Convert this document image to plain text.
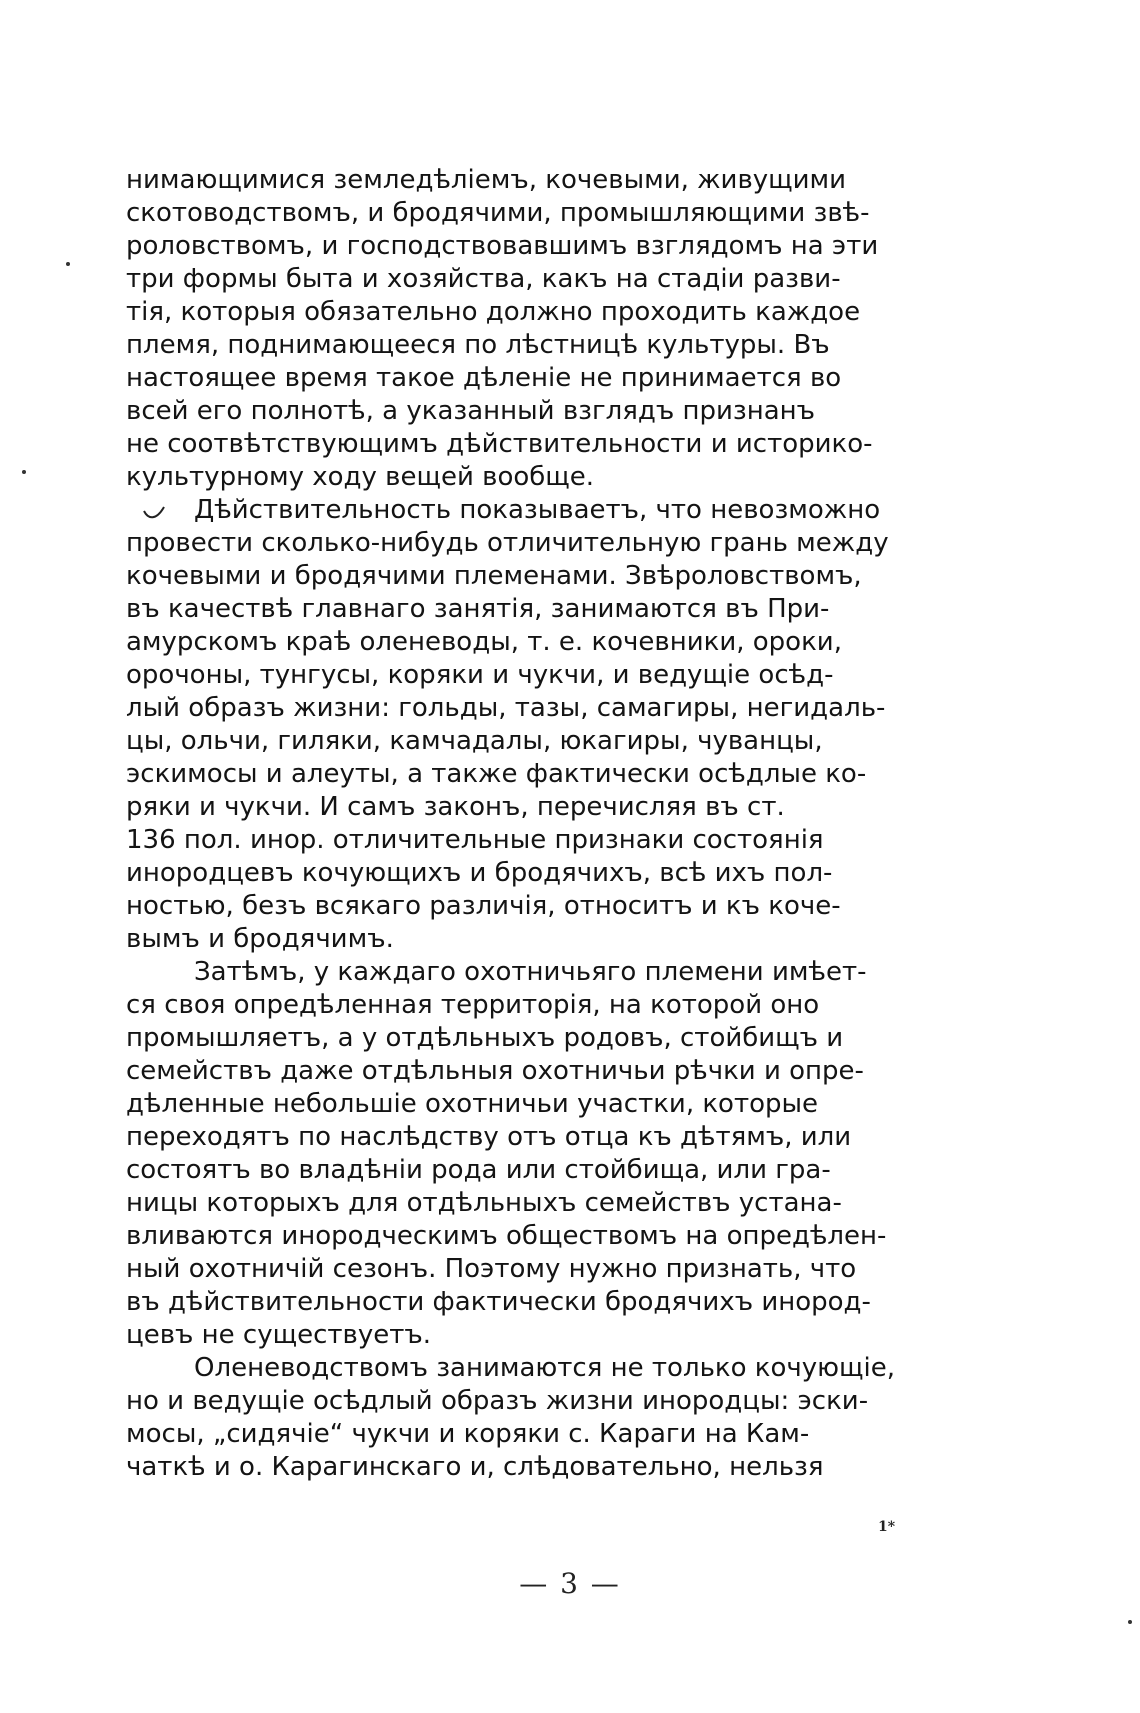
нимающимися земледѣліемъ, кочевыми, живущими
скотоводствомъ, и бродячими, промышляющими звѣ-
роловствомъ, и господствовавшимъ взглядомъ на эти
три формы быта и хозяйства, какъ на стадіи разви-
тія, которыя обязательно должно проходить каждое
племя, поднимающееся по лѣстницѣ культуры. Въ
настоящее время такое дѣленіе не принимается во
всей его полнотѣ, а указанный взглядъ признанъ
не соотвѣтствующимъ дѣйствительности и историко-
культурному ходу вещей вообще.

Дѣйствительность показываетъ, что невозможно
провести сколько-нибудь отличительную грань между
кочевыми и бродячими племенами. Звѣроловствомъ,
въ качествѣ главнаго занятія, занимаются въ При-
амурскомъ краѣ оленеводы, т. е. кочевники, ороки,
орочоны, тунгусы, коряки и чукчи, и ведущіе осѣд-
лый образъ жизни: гольды, тазы, самагиры, негидаль-
цы, ольчи, гиляки, камчадалы, юкагиры, чуванцы,
эскимосы и алеуты, а также фактически осѣдлые ко-
ряки и чукчи. И самъ законъ, перечисляя въ ст.
136 пол. инор. отличительные признаки состоянія
инородцевъ кочующихъ и бродячихъ, всѣ ихъ пол-
ностью, безъ всякаго различія, относитъ и къ коче-
вымъ и бродячимъ.

Затѣмъ, у каждаго охотничьяго племени имѣет-
ся своя опредѣленная территорія, на которой оно
промышляетъ, а у отдѣльныхъ родовъ, стойбищъ и
семействъ даже отдѣльныя охотничьи рѣчки и опре-
дѣленные небольшіе охотничьи участки, которые
переходятъ по наслѣдству отъ отца къ дѣтямъ, или
состоятъ во владѣніи рода или стойбища, или гра-
ницы которыхъ для отдѣльныхъ семействъ устана-
вливаются инородческимъ обществомъ на опредѣлен-
ный охотничій сезонъ. Поэтому нужно признать, что
въ дѣйствительности фактически бродячихъ инород-
цевъ не существуетъ.

Оленеводствомъ занимаются не только кочующіе,
но и ведущіе осѣдлый образъ жизни инородцы: эски-
мосы, „сидячіе“ чукчи и коряки с. Караги на Кам-
чаткѣ и о. Карагинскаго и, слѣдовательно, нельзя

1*
— 3 —
